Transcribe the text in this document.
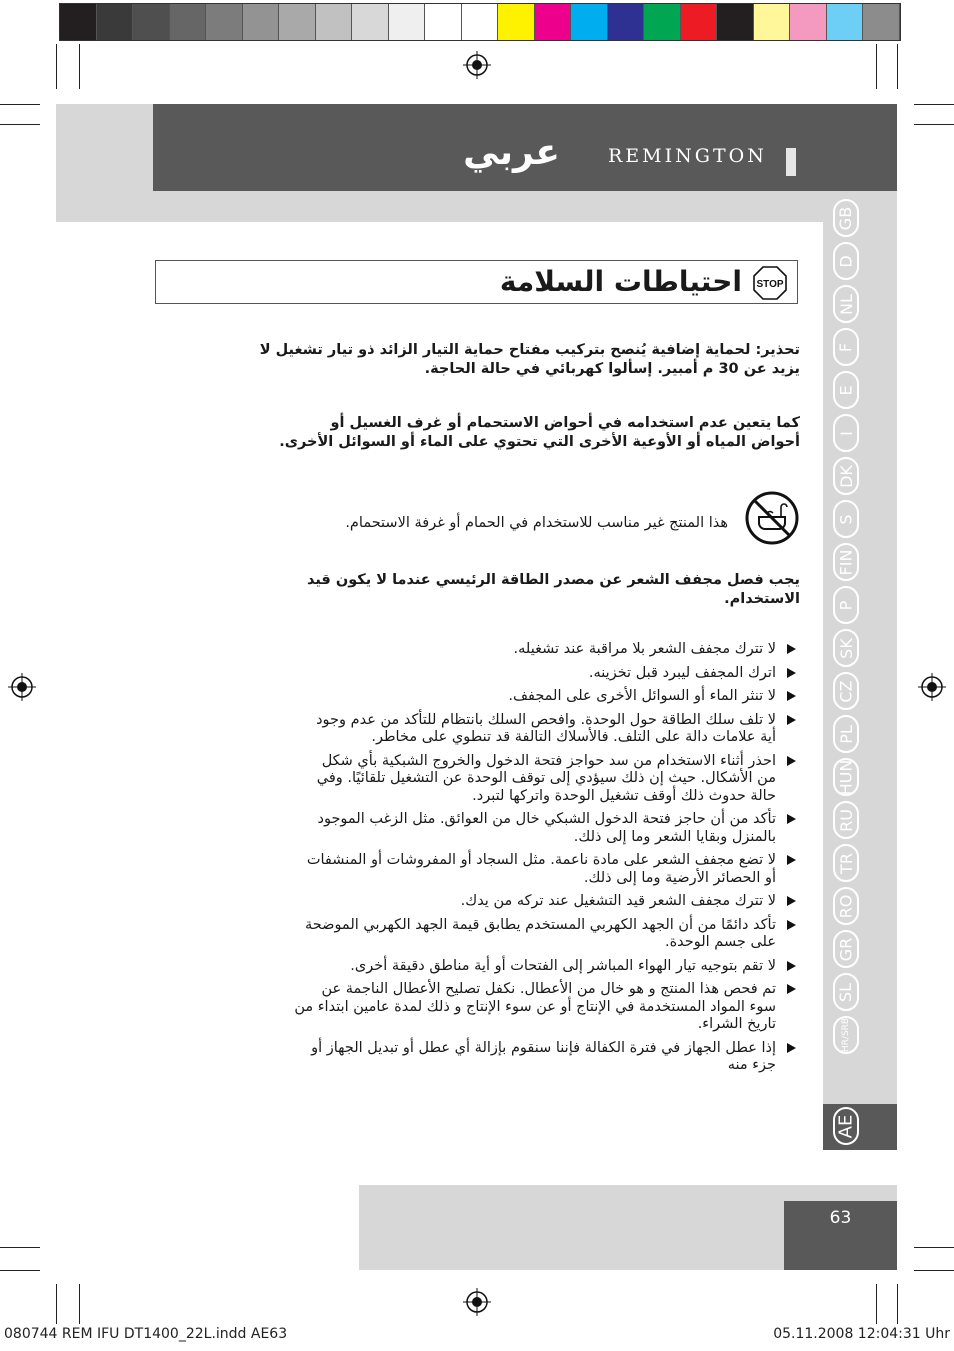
عربي	REMINGTON
GB
D
NL
F
E
I
DK
S
FIN
P
SK
CZ
PL
HUN
RU
TR
RO
GR
SL
HR/SRB
AE
احتياطات السلامة STOP
تحذير: لحماية إضافية يُنصح بتركيب مفتاح حماية التيار الزائد ذو تيار تشغيل لا
يزيد عن 30 م أمبير. إسألوا كهربائي في حالة الحاجة.
كما يتعين عدم استخدامه في أحواض الاستحمام أو غرف الغسيل أو
أحواض المياه أو الأوعية الأخرى التي تحتوي على الماء أو السوائل الأخرى.
هذا المنتج غير مناسب للاستخدام في الحمام أو غرفة الاستحمام.
يجب فصل مجفف الشعر عن مصدر الطاقة الرئيسي عندما لا يكون قيد
الاستخدام.
لا تترك مجفف الشعر بلا مراقبة عند تشغيله.
اترك المجفف ليبرد قبل تخزينه.
لا تنثر الماء أو السوائل الأخرى على المجفف.
لا تلف سلك الطاقة حول الوحدة. وافحص السلك بانتظام للتأكد من عدم وجود
أية علامات دالة على التلف. فالأسلاك التالفة قد تنطوي على مخاطر.
احذر أثناء الاستخدام من سد حواجز فتحة الدخول والخروج الشبكية بأي شكل
من الأشكال. حيث إن ذلك سيؤدي إلى توقف الوحدة عن التشغيل تلقائيًا. وفي
حالة حدوث ذلك أوقف تشغيل الوحدة واتركها لتبرد.
تأكد من أن حاجز فتحة الدخول الشبكي خال من العوائق. مثل الزغب الموجود
بالمنزل وبقايا الشعر وما إلى ذلك.
لا تضع مجفف الشعر على مادة ناعمة. مثل السجاد أو المفروشات أو المنشفات
أو الحصائر الأرضية وما إلى ذلك.
لا تترك مجفف الشعر قيد التشغيل عند تركه من يدك.
تأكد دائمًا من أن الجهد الكهربي المستخدم يطابق قيمة الجهد الكهربي الموضحة
على جسم الوحدة.
لا تقم بتوجيه تيار الهواء المباشر إلى الفتحات أو أية مناطق دقيقة أخرى.
تم فحص هذا المنتج و هو خال من الأعطال. نكفل تصليح الأعطال الناجمة عن
سوء المواد المستخدمة في الإنتاج أو عن سوء الإنتاج و ذلك لمدة عامين ابتداء من
تاريخ الشراء.
إذا عطل الجهاز في فترة الكفالة فإننا سنقوم بإزالة أي عطل أو تبديل الجهاز أو
جزء منه
63
080744 REM IFU DT1400_22L.indd AE63	05.11.2008 12:04:31 Uhr
